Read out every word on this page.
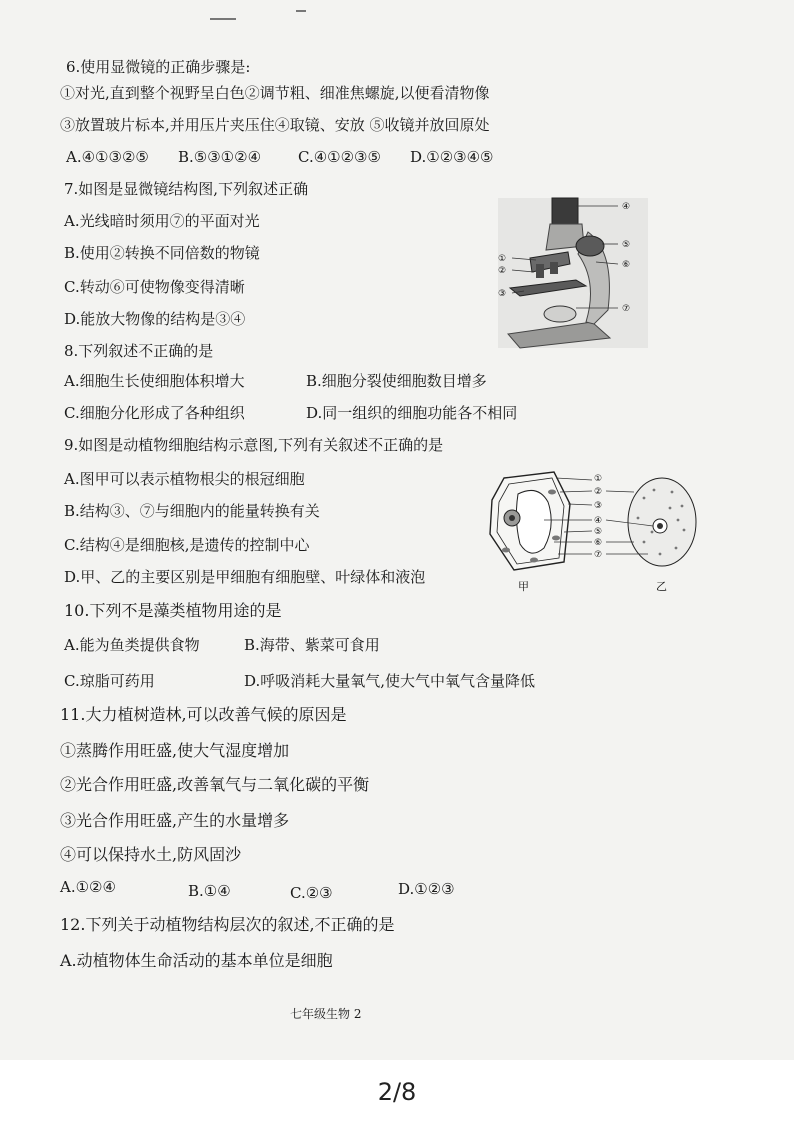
6.使用显微镜的正确步骤是:
①对光,直到整个视野呈白色②调节粗、细准焦螺旋,以便看清物像
③放置玻片标本,并用压片夹压住④取镜、安放 ⑤收镜并放回原处
A.④①③②⑤ B.⑤③①②④ C.④①②③⑤ D.①②③④⑤
7.如图是显微镜结构图,下列叙述正确
A.光线暗时须用⑦的平面对光
B.使用②转换不同倍数的物镜
C.转动⑥可使物像变得清晰
D.能放大物像的结构是③④
④
⑤
⑥
①
②
③
⑦
8.下列叙述不正确的是
A.细胞生长使细胞体积增大	B.细胞分裂使细胞数目增多
C.细胞分化形成了各种组织	D.同一组织的细胞功能各不相同
9.如图是动植物细胞结构示意图,下列有关叙述不正确的是
A.图甲可以表示植物根尖的根冠细胞
B.结构③、⑦与细胞内的能量转换有关
C.结构④是细胞核,是遗传的控制中心
D.甲、乙的主要区别是甲细胞有细胞壁、叶绿体和液泡
①
②
③
④
⑤
⑥
⑦
甲	乙
10.下列不是藻类植物用途的是
A.能为鱼类提供食物	B.海带、紫菜可食用
C.琼脂可药用	D.呼吸消耗大量氧气,使大气中氧气含量降低
11.大力植树造林,可以改善气候的原因是
①蒸腾作用旺盛,使大气湿度增加
②光合作用旺盛,改善氧气与二氧化碳的平衡
③光合作用旺盛,产生的水量增多
④可以保持水土,防风固沙
A.①②④	B.①④	C.②③	D.①②③
12.下列关于动植物结构层次的叙述,不正确的是
A.动植物体生命活动的基本单位是细胞
七年级生物 2
2/8
